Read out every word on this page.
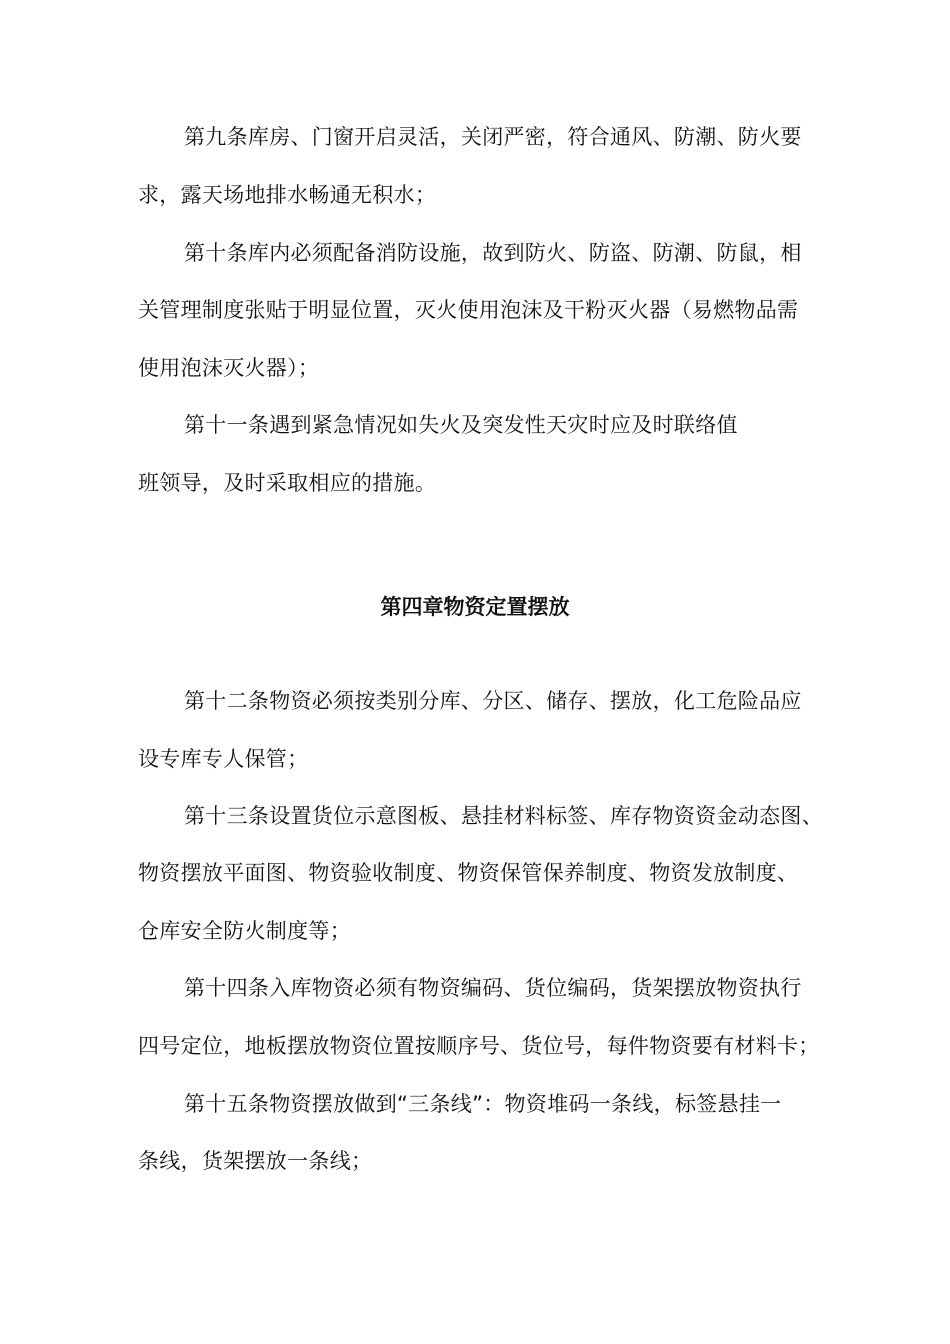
第九条库房、门窗开启灵活，关闭严密，符合通风、防潮、防火要
求，露天场地排水畅通无积水；
第十条库内必须配备消防设施，故到防火、防盗、防潮、防鼠，相
关管理制度张贴于明显位置，灭火使用泡沫及干粉灭火器（易燃物品需
使用泡沫灭火器）；
第十一条遇到紧急情况如失火及突发性天灾时应及时联络值
班领导，及时采取相应的措施。
第四章物资定置摆放
第十二条物资必须按类别分库、分区、储存、摆放，化工危险品应
设专库专人保管；
第十三条设置货位示意图板、悬挂材料标签、库存物资资金动态图、
物资摆放平面图、物资验收制度、物资保管保养制度、物资发放制度、
仓库安全防火制度等；
第十四条入库物资必须有物资编码、货位编码，货架摆放物资执行
四号定位，地板摆放物资位置按顺序号、货位号，每件物资要有材料卡；
第十五条物资摆放做到“三条线”：物资堆码一条线，标签悬挂一
条线，货架摆放一条线；
